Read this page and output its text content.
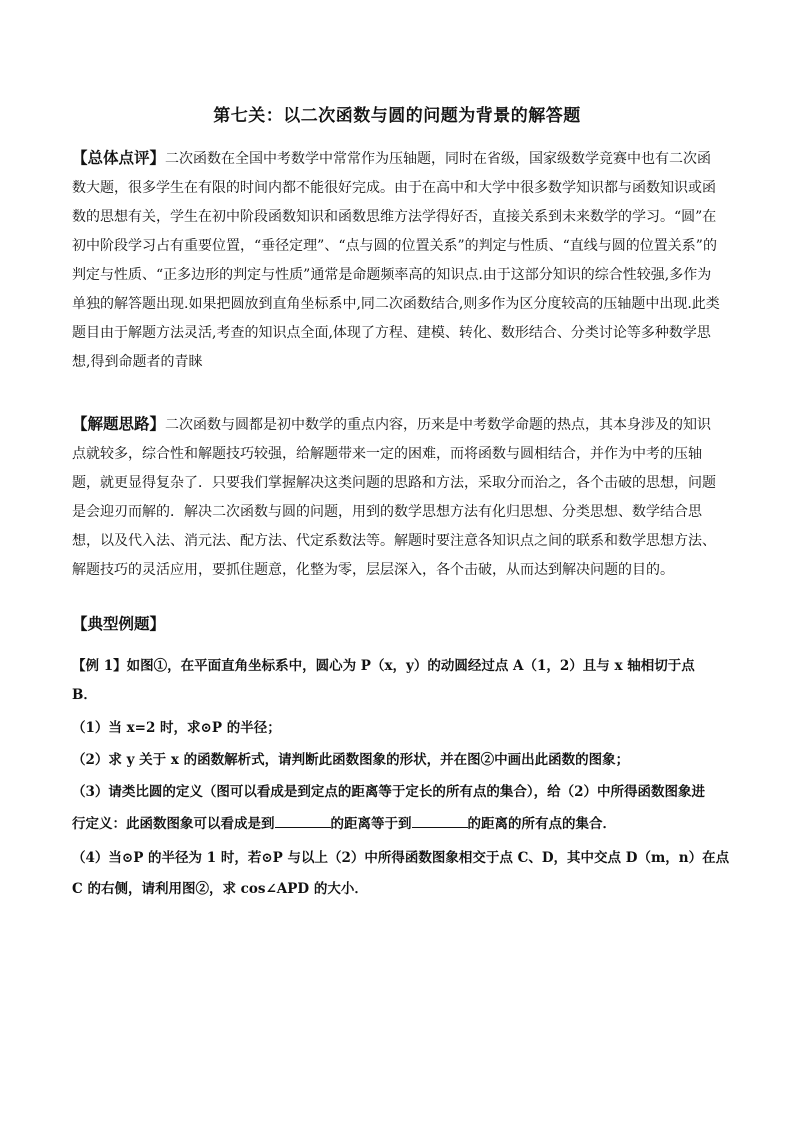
第七关：以二次函数与圆的问题为背景的解答题
【总体点评】二次函数在全国中考数学中常常作为压轴题，同时在省级，国家级数学竞赛中也有二次函数大题，很多学生在有限的时间内都不能很好完成。由于在高中和大学中很多数学知识都与函数知识或函数的思想有关，学生在初中阶段函数知识和函数思维方法学得好否，直接关系到未来数学的学习。“圆”在初中阶段学习占有重要位置，“垂径定理”、“点与圆的位置关系”的判定与性质、“直线与圆的位置关系”的判定与性质、“正多边形的判定与性质”通常是命题频率高的知识点.由于这部分知识的综合性较强,多作为单独的解答题出现.如果把圆放到直角坐标系中,同二次函数结合,则多作为区分度较高的压轴题中出现.此类题目由于解题方法灵活,考查的知识点全面,体现了方程、建模、转化、数形结合、分类讨论等多种数学思想,得到命题者的青睐
【解题思路】二次函数与圆都是初中数学的重点内容，历来是中考数学命题的热点，其本身涉及的知识点就较多，综合性和解题技巧较强，给解题带来一定的困难，而将函数与圆相结合，并作为中考的压轴题，就更显得复杂了．只要我们掌握解决这类问题的思路和方法，采取分而治之，各个击破的思想，问题是会迎刃而解的．解决二次函数与圆的问题，用到的数学思想方法有化归思想、分类思想、数学结合思想，以及代入法、消元法、配方法、代定系数法等。解题时要注意各知识点之间的联系和数学思想方法、解题技巧的灵活应用，要抓住题意，化整为零，层层深入，各个击破，从而达到解决问题的目的。
【典型例题】
【例 1】如图①，在平面直角坐标系中，圆心为 P（x，y）的动圆经过点 A（1，2）且与 x 轴相切于点 B．
（1）当 x=2 时，求⊙P 的半径；
（2）求 y 关于 x 的函数解析式，请判断此函数图象的形状，并在图②中画出此函数的图象；
（3）请类比圆的定义（图可以看成是到定点的距离等于定长的所有点的集合），给（2）中所得函数图象进
行定义：此函数图象可以看成是到	的距离等于到	的距离的所有点的集合．
（4）当⊙P 的半径为 1 时，若⊙P 与以上（2）中所得函数图象相交于点 C、D，其中交点 D（m，n）在点
C 的右侧，请利用图②，求 cos∠APD 的大小．
